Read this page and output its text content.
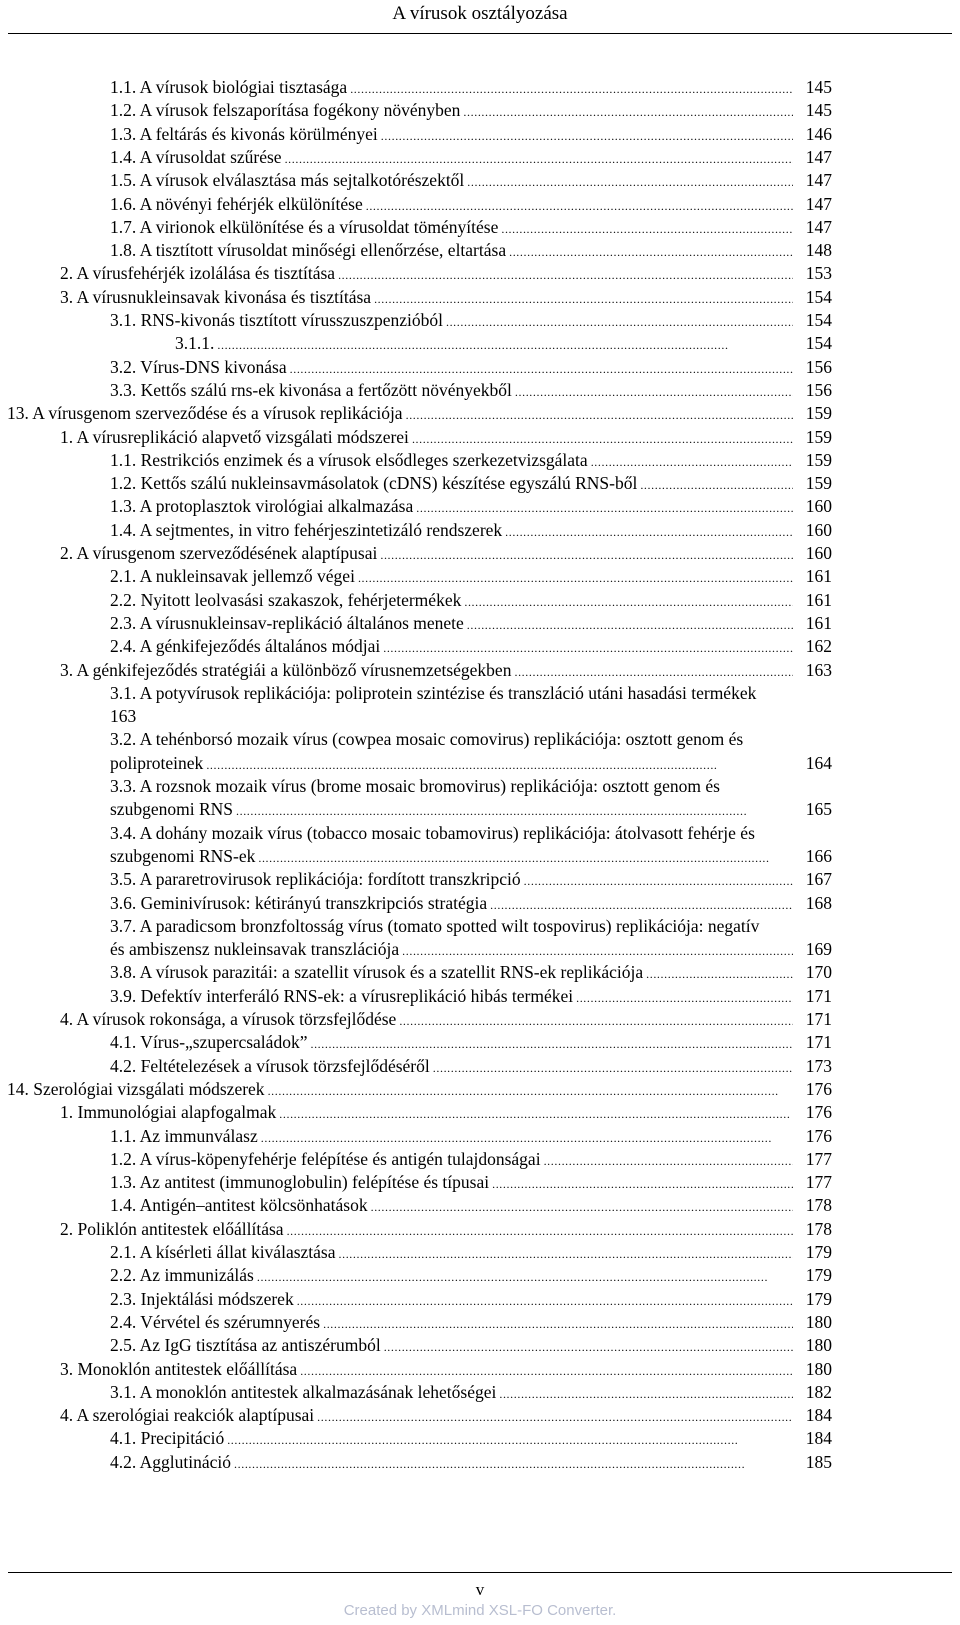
A vírusok osztályozása
1.1. A vírusok biológiai tisztasága . . .	145
1.2. A vírusok felszaporítása fogékony növényben . . .	145
1.3. A feltárás és kivonás körülményei . . .	146
1.4. A vírusoldat szűrése . . .	147
1.5. A vírusok elválasztása más sejtalkotórészektől . . .	147
1.6. A növényi fehérjék elkülönítése . . .	147
1.7. A virionok elkülönítése és a vírusoldat töményítése . . .	147
1.8. A tisztított vírusoldat minőségi ellenőrzése, eltartása . . .	148
2. A vírusfehérjék izolálása és tisztítása . . .	153
3. A vírusnukleinsavak kivonása és tisztítása . . .	154
3.1. RNS-kivonás tisztított vírusszuszpenzióból . . .	154
3.1.1. . . .	154
3.2. Vírus-DNS kivonása . . .	156
3.3. Kettős szálú rns-ek kivonása a fertőzött növényekből . . .	156
13. A vírusgenom szerveződése és a vírusok replikációja . . .	159
1. A vírusreplikáció alapvető vizsgálati módszerei . . .	159
1.1. Restrikciós enzimek és a vírusok elsődleges szerkezetvizsgálata . . .	159
1.2. Kettős szálú nukleinsavmásolatok (cDNS) készítése egyszálú RNS-ből . . .	159
1.3. A protoplasztok virológiai alkalmazása . . .	160
1.4. A sejtmentes, in vitro fehérjeszintetizáló rendszerek . . .	160
2. A vírusgenom szerveződésének alaptípusai . . .	160
2.1. A nukleinsavak jellemző végei . . .	161
2.2. Nyitott leolvasási szakaszok, fehérjetermékek . . .	161
2.3. A vírusnukleinsav-replikáció általános menete . . .	161
2.4. A génkifejeződés általános módjai . . .	162
3. A génkifejeződés stratégiái a különböző vírusnemzetségekben . . .	163
3.1. A potyvírusok replikációja: poliprotein szintézise és transzláció utáni hasadási termékek
163
3.2. A tehénborsó mozaik vírus (cowpea mosaic comovirus) replikációja: osztott genom és
poliproteinek . . .	164
3.3. A rozsnok mozaik vírus (brome mosaic bromovirus) replikációja: osztott genom és
szubgenomi RNS . . .	165
3.4. A dohány mozaik vírus (tobacco mosaic tobamovirus) replikációja: átolvasott fehérje és
szubgenomi RNS-ek . . .	166
3.5. A pararetrovirusok replikációja: fordított transzkripció . . .	167
3.6. Geminivírusok: kétirányú transzkripciós stratégia . . .	168
3.7. A paradicsom bronzfoltosság vírus (tomato spotted wilt tospovirus) replikációja: negatív
és ambiszensz nukleinsavak transzlációja . . .	169
3.8. A vírusok parazitái: a szatellit vírusok és a szatellit RNS-ek replikációja . . .	170
3.9. Defektív interferáló RNS-ek: a vírusreplikáció hibás termékei . . .	171
4. A vírusok rokonsága, a vírusok törzsfejlődése . . .	171
4.1. Vírus-„szupercsaládok” . . .	171
4.2. Feltételezések a vírusok törzsfejlődéséről . . .	173
14. Szerológiai vizsgálati módszerek . . .	176
1. Immunológiai alapfogalmak . . .	176
1.1. Az immunválasz . . .	176
1.2. A vírus-köpenyfehérje felépítése és antigén tulajdonságai . . .	177
1.3. Az antitest (immunoglobulin) felépítése és típusai . . .	177
1.4. Antigén–antitest kölcsönhatások . . .	178
2. Poliklón antitestek előállítása . . .	178
2.1. A kísérleti állat kiválasztása . . .	179
2.2. Az immunizálás . . .	179
2.3. Injektálási módszerek . . .	179
2.4. Vérvétel és szérumnyerés . . .	180
2.5. Az IgG tisztítása az antiszérumból . . .	180
3. Monoklón antitestek előállítása . . .	180
3.1. A monoklón antitestek alkalmazásának lehetőségei . . .	182
4. A szerológiai reakciók alaptípusai . . .	184
4.1. Precipitáció . . .	184
4.2. Agglutináció . . .	185
v
Created by XMLmind XSL-FO Converter.
